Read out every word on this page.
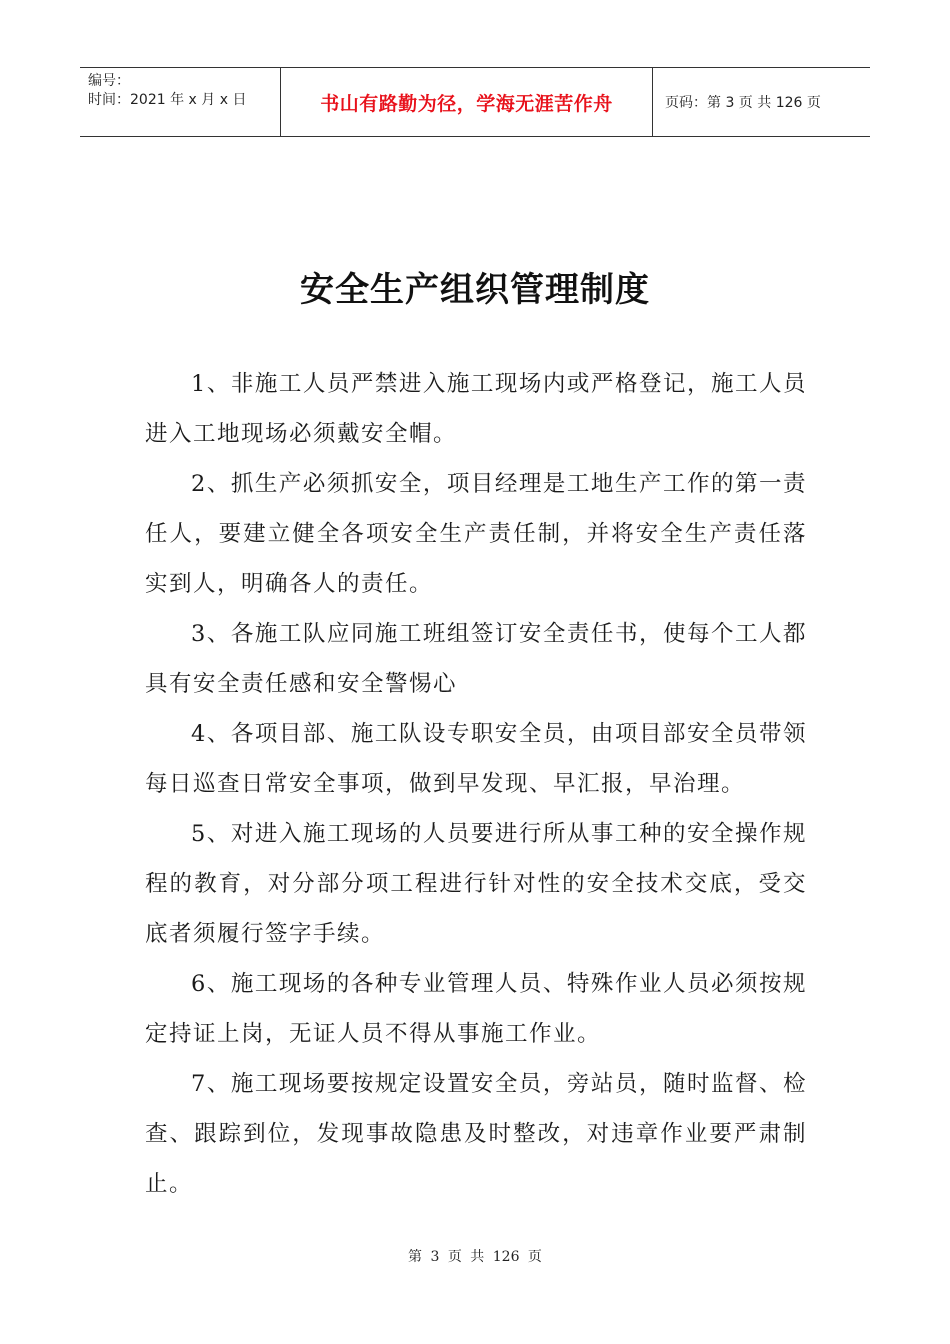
编号：
时间：2021 年 x 月 x 日	书山有路勤为径，学海无涯苦作舟	页码：第 3 页 共 126 页
安全生产组织管理制度

1、非施工人员严禁进入施工现场内或严格登记，施工人员进入工地现场必须戴安全帽。

2、抓生产必须抓安全，项目经理是工地生产工作的第一责任人，要建立健全各项安全生产责任制，并将安全生产责任落实到人，明确各人的责任。

3、各施工队应同施工班组签订安全责任书，使每个工人都具有安全责任感和安全警惕心

4、各项目部、施工队设专职安全员，由项目部安全员带领每日巡查日常安全事项，做到早发现、早汇报，早治理。

5、对进入施工现场的人员要进行所从事工种的安全操作规程的教育，对分部分项工程进行针对性的安全技术交底，受交底者须履行签字手续。

6、施工现场的各种专业管理人员、特殊作业人员必须按规定持证上岗，无证人员不得从事施工作业。

7、施工现场要按规定设置安全员，旁站员，随时监督、检查、跟踪到位，发现事故隐患及时整改，对违章作业要严肃制止。

第 3 页 共 126 页
